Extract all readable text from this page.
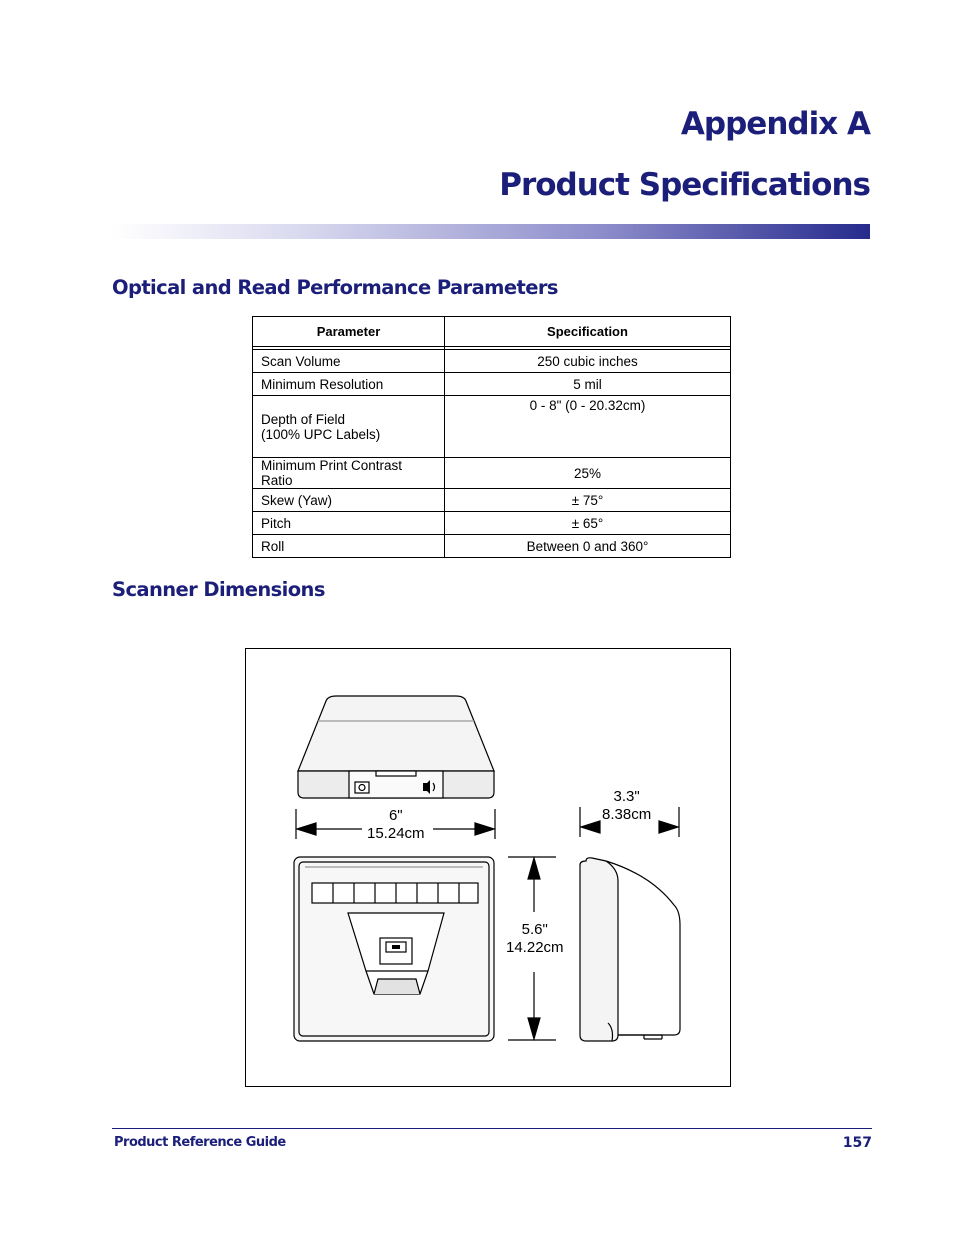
Appendix A
Product Specifications
Optical and Read Performance Parameters
Parameter	Specification

Scan Volume	250 cubic inches
Minimum Resolution	5 mil

Depth of Field
(100% UPC Labels)	0 - 8" (0 - 20.32cm)
Minimum Print Contrast Ratio	25%
Skew (Yaw)	± 75°
Pitch	± 65°
Roll	Between 0 and 360°
Scanner Dimensions
6"
15.24cm
3.3"
8.38cm
5.6"
14.22cm
Product Reference Guide	157
